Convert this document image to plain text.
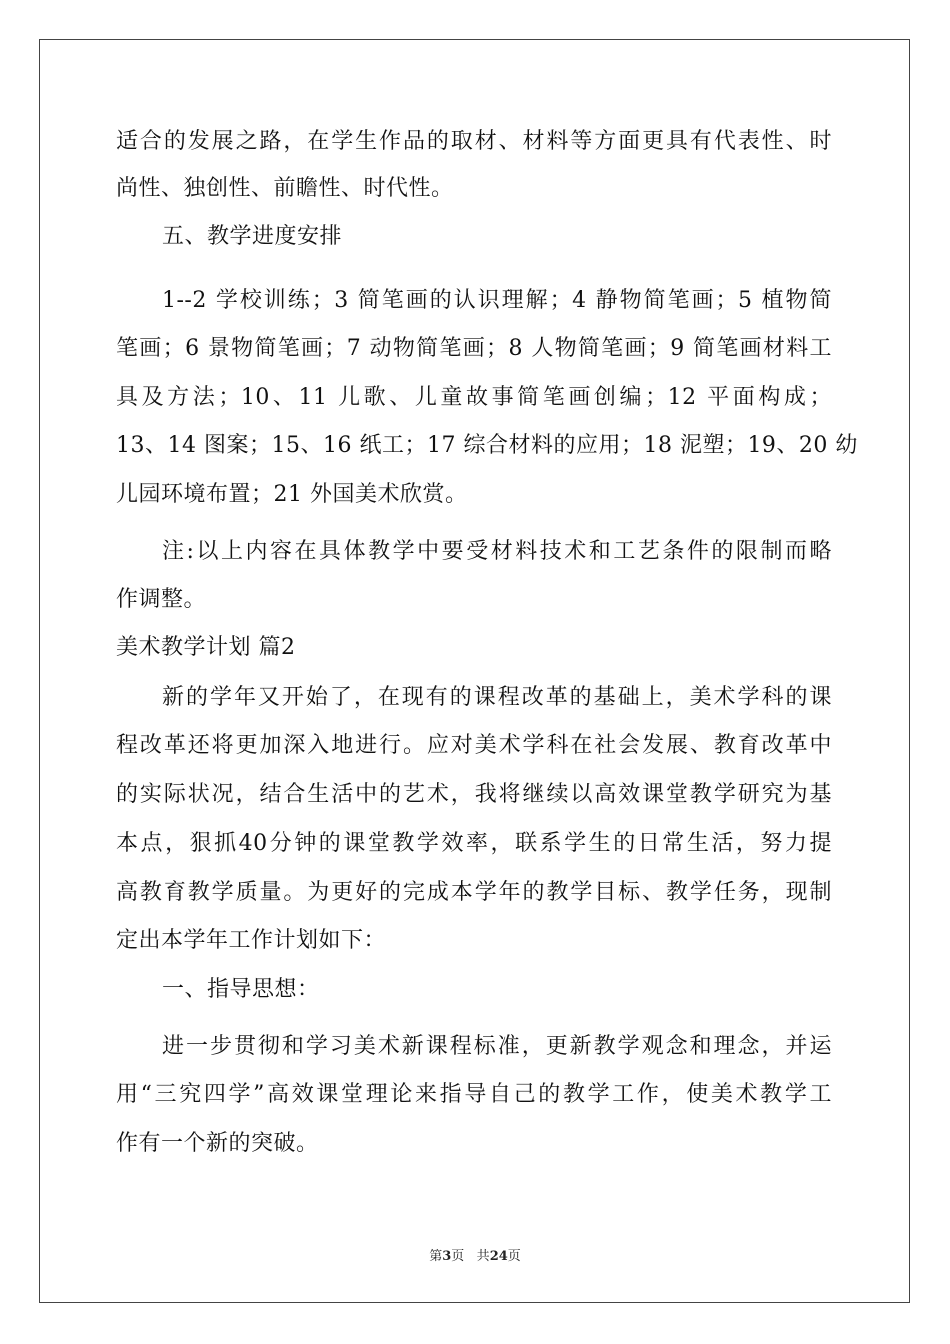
适合的发展之路，在学生作品的取材、材料等方面更具有代表性、时
尚性、独创性、前瞻性、时代性。
五、教学进度安排
1--2 学校训练；3 简笔画的认识理解；4 静物简笔画；5 植物简
笔画；6 景物简笔画；7 动物简笔画；8 人物简笔画；9 简笔画材料工
具及方法；10、11 儿歌、儿童故事简笔画创编；12 平面构成；
13、14 图案；15、16 纸工；17 综合材料的应用；18 泥塑；19、20 幼
儿园环境布置；21 外国美术欣赏。
注:以上内容在具体教学中要受材料技术和工艺条件的限制而略
作调整。
美术教学计划 篇2
新的学年又开始了，在现有的课程改革的基础上，美术学科的课
程改革还将更加深入地进行。应对美术学科在社会发展、教育改革中
的实际状况，结合生活中的艺术，我将继续以高效课堂教学研究为基
本点，狠抓40分钟的课堂教学效率，联系学生的日常生活，努力提
高教育教学质量。为更好的完成本学年的教学目标、教学任务，现制
定出本学年工作计划如下：
一、指导思想：
进一步贯彻和学习美术新课程标准，更新教学观念和理念，并运
用“三究四学”高效课堂理论来指导自己的教学工作，使美术教学工
作有一个新的突破。
第3页 共24页
